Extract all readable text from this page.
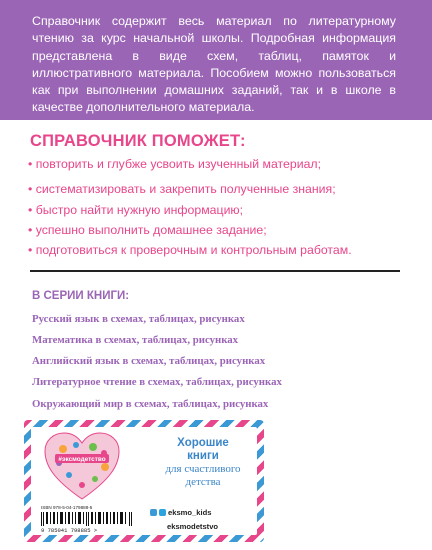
Справочник содержит весь материал по литературному чтению за курс начальной школы. Подробная информация представлена в виде схем, таблиц, памяток и иллюстративного материала. Пособием можно пользоваться как при выполнении домашних заданий, так и в школе в качестве дополнительного материала.
СПРАВОЧНИК ПОМОЖЕТ:
• повторить и глубже усвоить изученный материал;
• систематизировать и закрепить полученные знания;
• быстро найти нужную информацию;
• успешно выполнить домашнее задание;
• подготовиться к проверочным и контрольным работам.
В СЕРИИ КНИГИ:
Русский язык в схемах, таблицах, рисунках
Математика в схемах, таблицах, рисунках
Английский язык в схемах, таблицах, рисунках
Литературное чтение в схемах, таблицах, рисунках
Окружающий мир в схемах, таблицах, рисунках
#эксмодетство
ISBN 978-5-04-179888-5
9 785041 798885 >
Хорошие
книги
для счастливого
детства
eksmo_kids
eksmodetstvo
